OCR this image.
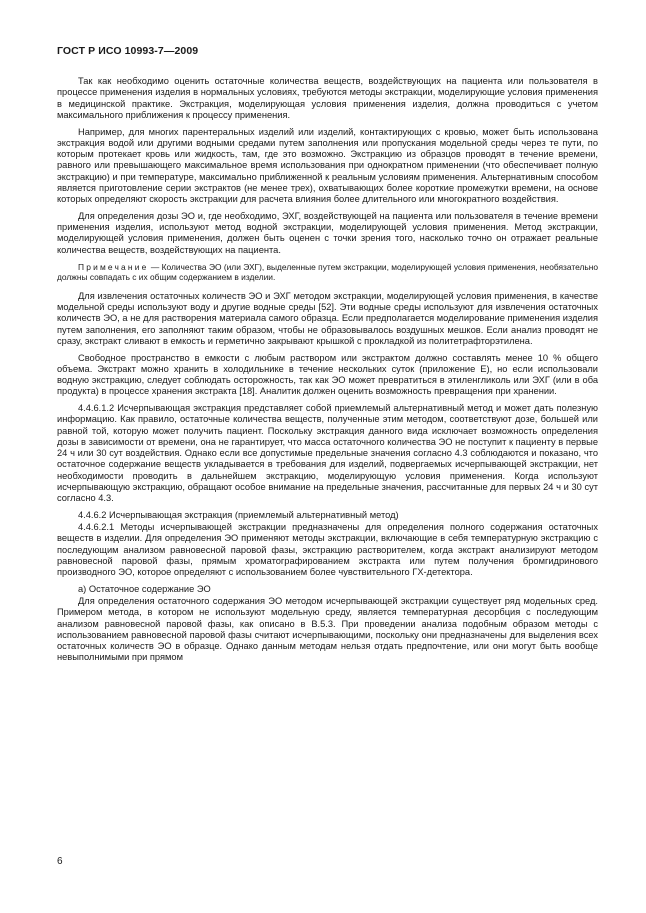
ГОСТ Р ИСО 10993-7—2009

Так как необходимо оценить остаточные количества веществ, воздействующих на пациента или пользователя в процессе применения изделия в нормальных условиях, требуются методы экстракции, моделирующие условия применения в медицинской практике. Экстракция, моделирующая условия применения изделия, должна проводиться с учетом максимального приближения к процессу применения.

Например, для многих парентеральных изделий или изделий, контактирующих с кровью, может быть использована экстракция водой или другими водными средами путем заполнения или пропускания модельной среды через те пути, по которым протекает кровь или жидкость, там, где это возможно. Экстракцию из образцов проводят в течение времени, равного или превышающего максимальное время использования при однократном применении (что обеспечивает полную экстракцию) и при температуре, максимально приближенной к реальным условиям применения. Альтернативным способом является приготовление серии экстрактов (не менее трех), охватывающих более короткие промежутки времени, на основе которых определяют скорость экстракции для расчета влияния более длительного или многократного воздействия.

Для определения дозы ЭО и, где необходимо, ЭХГ, воздействующей на пациента или пользователя в течение времени применения изделия, используют метод водной экстракции, моделирующей условия применения. Метод экстракции, моделирующей условия применения, должен быть оценен с точки зрения того, насколько точно он отражает реальные количества веществ, воздействующих на пациента.

Примечание — Количества ЭО (или ЭХГ), выделенные путем экстракции, моделирующей условия применения, необязательно должны совпадать с их общим содержанием в изделии.

Для извлечения остаточных количеств ЭО и ЭХГ методом экстракции, моделирующей условия применения, в качестве модельной среды используют воду и другие водные среды [52]. Эти водные среды используют для извлечения остаточных количеств ЭО, а не для растворения материала самого образца. Если предполагается моделирование применения изделия путем заполнения, его заполняют таким образом, чтобы не образовывалось воздушных мешков. Если анализ проводят не сразу, экстракт сливают в емкость и герметично закрывают крышкой с прокладкой из политетрафторэтилена.

Свободное пространство в емкости с любым раствором или экстрактом должно составлять менее 10 % общего объема. Экстракт можно хранить в холодильнике в течение нескольких суток (приложение Е), но если использовали водную экстракцию, следует соблюдать осторожность, так как ЭО может превратиться в этиленгликоль или ЭХГ (или в оба продукта) в процессе хранения экстракта [18]. Аналитик должен оценить возможность превращения при хранении.

4.4.6.1.2 Исчерпывающая экстракция представляет собой приемлемый альтернативный метод и может дать полезную информацию. Как правило, остаточные количества веществ, полученные этим методом, соответствуют дозе, большей или равной той, которую может получить пациент. Поскольку экстракция данного вида исключает возможность определения дозы в зависимости от времени, она не гарантирует, что масса остаточного количества ЭО не поступит к пациенту в первые 24 ч или 30 сут воздействия. Однако если все допустимые предельные значения согласно 4.3 соблюдаются и показано, что остаточное содержание веществ укладывается в требования для изделий, подвергаемых исчерпывающей экстракции, нет необходимости проводить в дальнейшем экстракцию, моделирующую условия применения. Когда используют исчерпывающую экстракцию, обращают особое внимание на предельные значения, рассчитанные для первых 24 ч и 30 сут согласно 4.3.

4.4.6.2 Исчерпывающая экстракция (приемлемый альтернативный метод)

4.4.6.2.1 Методы исчерпывающей экстракции предназначены для определения полного содержания остаточных веществ в изделии. Для определения ЭО применяют методы экстракции, включающие в себя температурную экстракцию с последующим анализом равновесной паровой фазы, экстракцию растворителем, когда экстракт анализируют методом равновесной паровой фазы, прямым хроматографированием экстракта или путем получения бромгидринового производного ЭО, которое определяют с использованием более чувствительного ГХ-детектора.

а) Остаточное содержание ЭО

Для определения остаточного содержания ЭО методом исчерпывающей экстракции существует ряд модельных сред. Примером метода, в котором не используют модельную среду, является температурная десорбция с последующим анализом равновесной паровой фазы, как описано в В.5.3. При проведении анализа подобным образом методы с использованием равновесной паровой фазы считают исчерпывающими, поскольку они предназначены для выделения всех остаточных количеств ЭО в образце. Однако данным методам нельзя отдать предпочтение, или они могут быть вообще невыполнимыми при прямом

6
